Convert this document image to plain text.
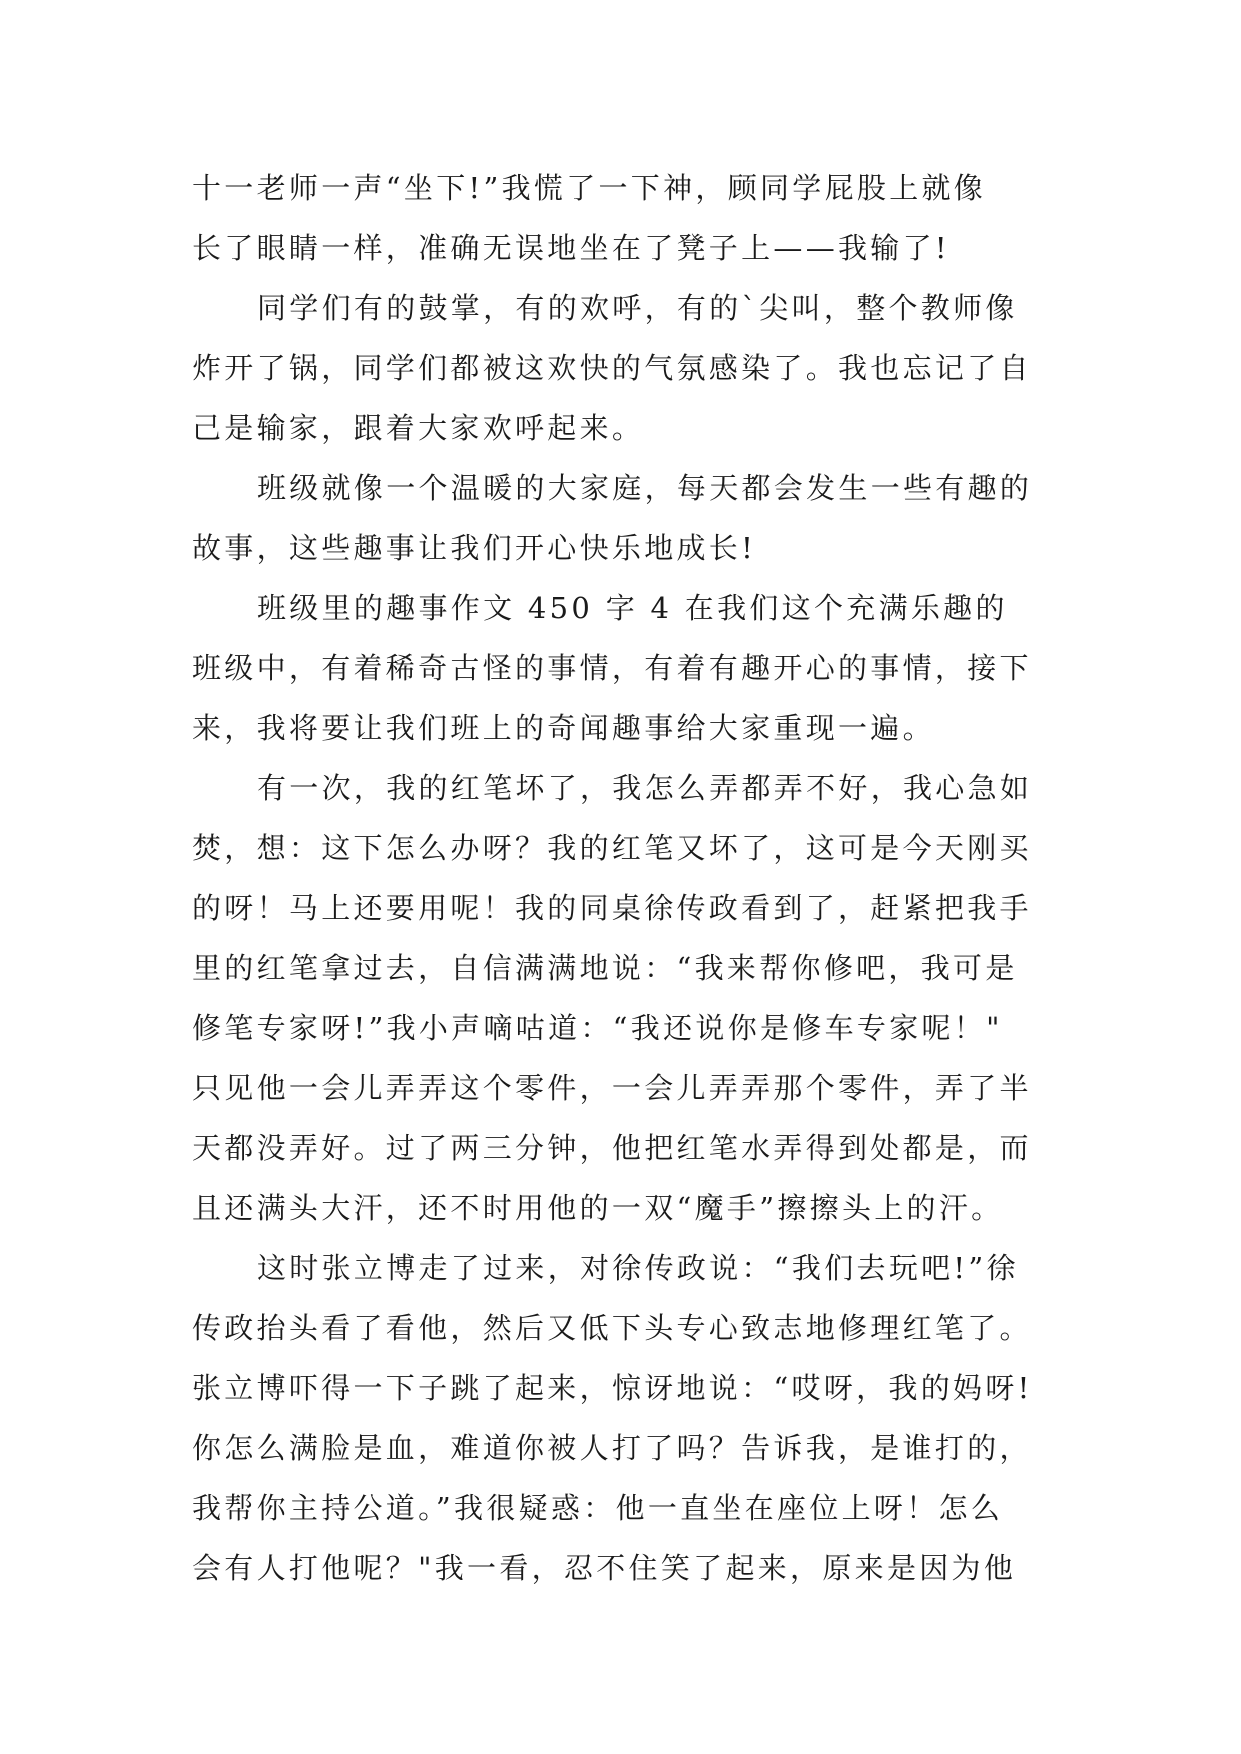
十一老师一声“坐下!”我慌了一下神，顾同学屁股上就像
长了眼睛一样，准确无误地坐在了凳子上——我输了!

同学们有的鼓掌，有的欢呼，有的`尖叫，整个教师像
炸开了锅，同学们都被这欢快的气氛感染了。我也忘记了自
己是输家，跟着大家欢呼起来。

班级就像一个温暖的大家庭，每天都会发生一些有趣的
故事，这些趣事让我们开心快乐地成长!

班级里的趣事作文 450 字 4 在我们这个充满乐趣的
班级中，有着稀奇古怪的事情，有着有趣开心的事情，接下
来，我将要让我们班上的奇闻趣事给大家重现一遍。

有一次，我的红笔坏了，我怎么弄都弄不好，我心急如
焚，想：这下怎么办呀？我的红笔又坏了，这可是今天刚买
的呀！马上还要用呢！我的同桌徐传政看到了，赶紧把我手
里的红笔拿过去，自信满满地说：“我来帮你修吧，我可是
修笔专家呀!”我小声嘀咕道：“我还说你是修车专家呢！"
只见他一会儿弄弄这个零件，一会儿弄弄那个零件，弄了半
天都没弄好。过了两三分钟，他把红笔水弄得到处都是，而
且还满头大汗，还不时用他的一双“魔手”擦擦头上的汗。

这时张立博走了过来，对徐传政说：“我们去玩吧!”徐
传政抬头看了看他，然后又低下头专心致志地修理红笔了。
张立博吓得一下子跳了起来，惊讶地说：“哎呀，我的妈呀!
你怎么满脸是血，难道你被人打了吗？告诉我，是谁打的，
我帮你主持公道。”我很疑惑：他一直坐在座位上呀！怎么
会有人打他呢？"我一看，忍不住笑了起来，原来是因为他
